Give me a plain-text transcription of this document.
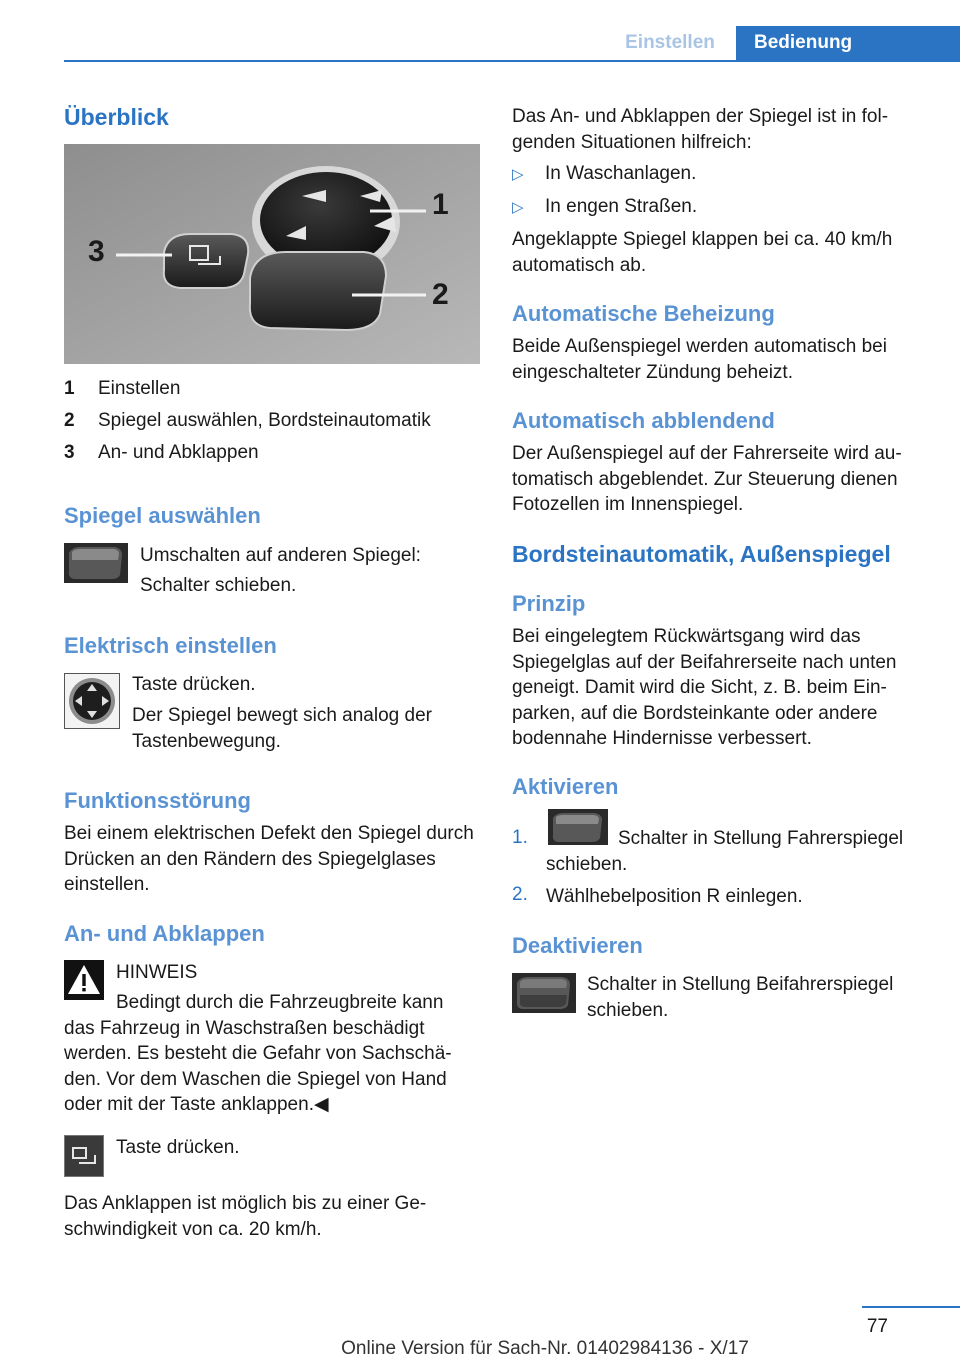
Einstellen	Bedienung
Überblick
1
2
3
1 Einstellen
2 Spiegel auswählen, Bordsteinautomatik
3 An- und Abklappen
Spiegel auswählen

Umschalten auf anderen Spiegel:

Schalter schieben.

Elektrisch einstellen

Taste drücken.

Der Spiegel bewegt sich analog der Tastenbewegung.

Funktionsstörung

Bei einem elektrischen Defekt den Spiegel durch Drücken an den Rändern des Spiegelglases einstellen.

An- und Abklappen
HINWEIS

Bedingt durch die Fahrzeugbreite kann das Fahrzeug in Waschstraßen beschädigt werden. Es besteht die Gefahr von Sachschäden. Vor dem Waschen die Spiegel von Hand oder mit der Taste anklappen.◀

Taste drücken.

Das Anklappen ist möglich bis zu einer Geschwindigkeit von ca. 20 km/h.

Das An- und Abklappen der Spiegel ist in folgenden Situationen hilfreich:

▷ In Waschanlagen.
▷ In engen Straßen.

Angeklappte Spiegel klappen bei ca. 40 km/h automatisch ab.

Automatische Beheizung

Beide Außenspiegel werden automatisch bei eingeschalteter Zündung beheizt.

Automatisch abblendend

Der Außenspiegel auf der Fahrerseite wird automatisch abgeblendet. Zur Steuerung dienen Fotozellen im Innenspiegel.

Bordsteinautomatik, Außenspiegel
Prinzip

Bei eingelegtem Rückwärtsgang wird das Spiegelglas auf der Beifahrerseite nach unten geneigt. Damit wird die Sicht, z. B. beim Einparken, auf die Bordsteinkante oder andere bodennahe Hindernisse verbessert.

Aktivieren
1.	Schalter in Stellung Fahrerspiegel schieben.

2. Wählhebelposition R einlegen.

Deaktivieren

Schalter in Stellung Beifahrerspiegel schieben.

77
Online Version für Sach-Nr. 01402984136 - X/17
